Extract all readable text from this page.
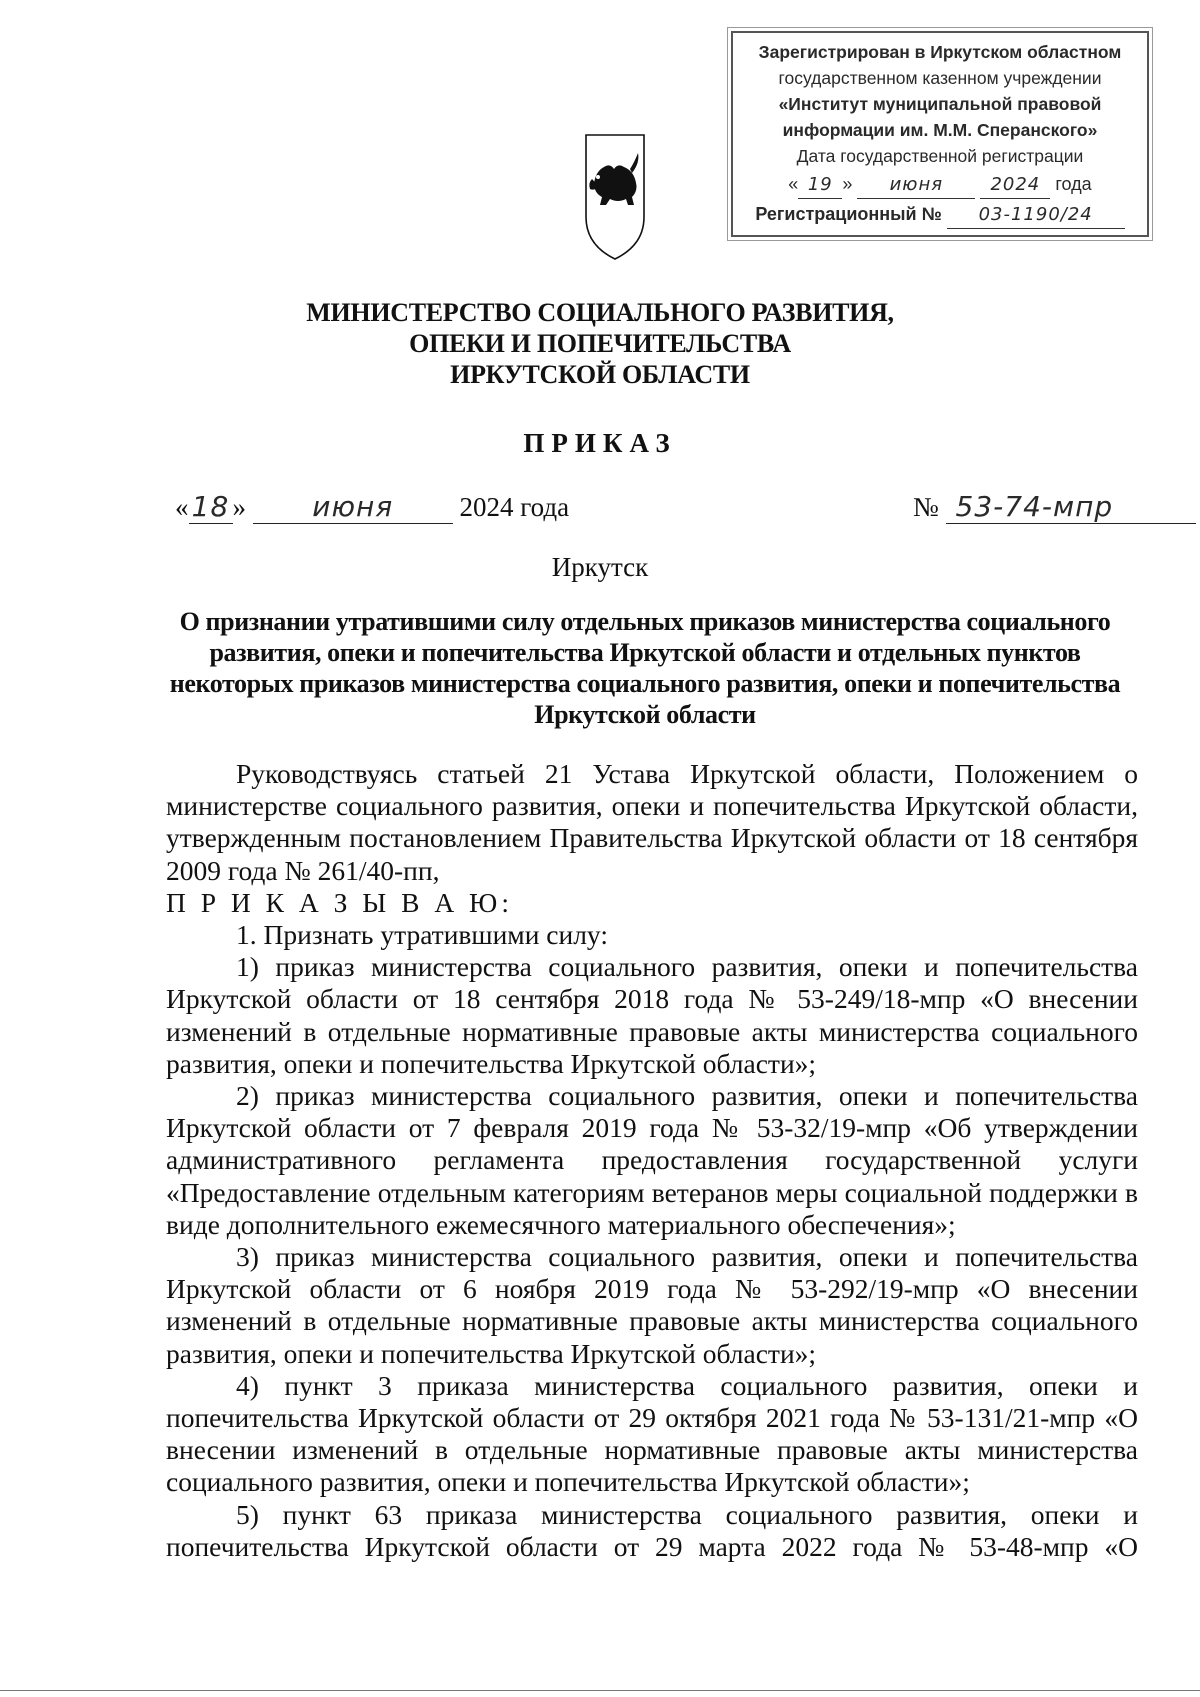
Зарегистрирован в Иркутском областном
государственном казенном учреждении
«Институт муниципальной правовой
информации им. М.М. Сперанского»
Дата государственной регистрации
« 19 » июня	2024 года
Регистрационный № 03-1190/24
МИНИСТЕРСТВО СОЦИАЛЬНОГО РАЗВИТИЯ,
ОПЕКИ И ПОПЕЧИТЕЛЬСТВА
ИРКУТСКОЙ ОБЛАСТИ
ПРИКАЗ
« 18 » июня 2024 года	№ 53-74-мпр
Иркутск
О признании утратившими силу отдельных приказов министерства социального развития, опеки и попечительства Иркутской области и отдельных пунктов некоторых приказов министерства социального развития, опеки и попечительства Иркутской области

Руководствуясь статьей 21 Устава Иркутской области, Положением о министерстве социального развития, опеки и попечительства Иркутской области, утвержденным постановлением Правительства Иркутской области от 18 сентября 2009 года № 261/40-пп,

П Р И К А З Ы В А Ю:

1. Признать утратившими силу:

1) приказ министерства социального развития, опеки и попечительства Иркутской области от 18 сентября 2018 года № 53-249/18-мпр «О внесении изменений в отдельные нормативные правовые акты министерства социального развития, опеки и попечительства Иркутской области»;

2) приказ министерства социального развития, опеки и попечительства Иркутской области от 7 февраля 2019 года № 53-32/19-мпр «Об утверждении административного регламента предоставления государственной услуги «Предоставление отдельным категориям ветеранов меры социальной поддержки в виде дополнительного ежемесячного материального обеспечения»;

3) приказ министерства социального развития, опеки и попечительства Иркутской области от 6 ноября 2019 года № 53-292/19-мпр «О внесении изменений в отдельные нормативные правовые акты министерства социального развития, опеки и попечительства Иркутской области»;

4) пункт 3 приказа министерства социального развития, опеки и попечительства Иркутской области от 29 октября 2021 года № 53-131/21-мпр «О внесении изменений в отдельные нормативные правовые акты министерства социального развития, опеки и попечительства Иркутской области»;

5) пункт 63 приказа министерства социального развития, опеки и попечительства Иркутской области от 29 марта 2022 года № 53-48-мпр «О
